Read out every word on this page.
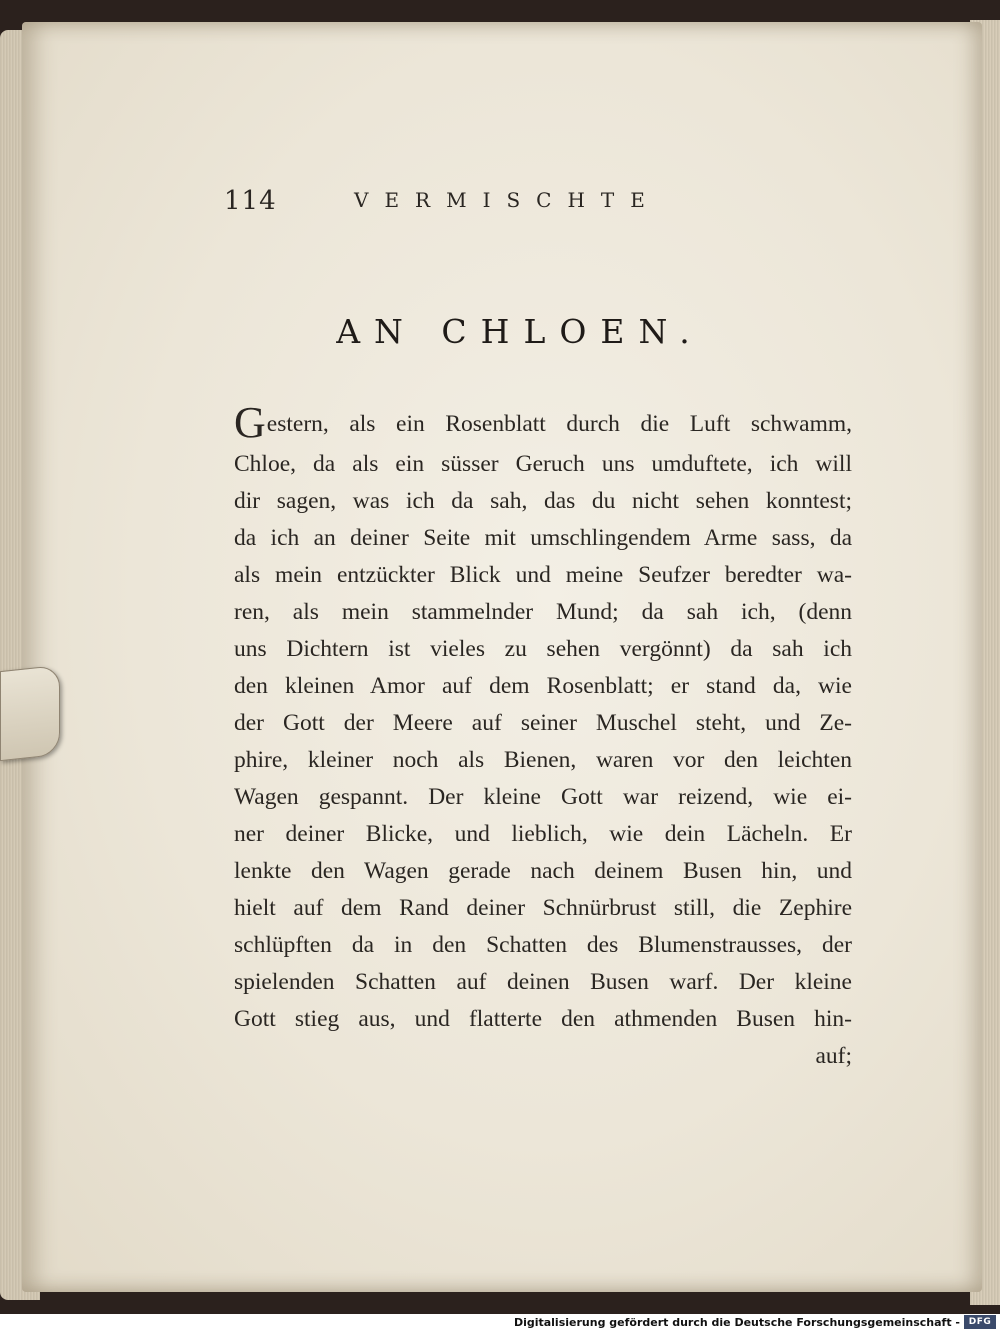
114	VERMISCHTE
AN CHLOEN.
Gestern, als ein Rosenblatt durch die Luft schwamm,
Chloe, da als ein süsser Geruch uns umduftete, ich will
dir sagen, was ich da sah, das du nicht sehen konntest;
da ich an deiner Seite mit umschlingendem Arme sass, da
als mein entzückter Blick und meine Seufzer beredter wa-
ren, als mein stammelnder Mund; da sah ich, (denn
uns Dichtern ist vieles zu sehen vergönnt) da sah ich
den kleinen Amor auf dem Rosenblatt; er stand da, wie
der Gott der Meere auf seiner Muschel steht, und Ze-
phire, kleiner noch als Bienen, waren vor den leichten
Wagen gespannt. Der kleine Gott war reizend, wie ei-
ner deiner Blicke, und lieblich, wie dein Lächeln. Er
lenkte den Wagen gerade nach deinem Busen hin, und
hielt auf dem Rand deiner Schnürbrust still, die Zephire
schlüpften da in den Schatten des Blumenstrausses, der
spielenden Schatten auf deinen Busen warf. Der kleine
Gott stieg aus, und flatterte den athmenden Busen hin-
auf;
Digitalisierung gefördert durch die Deutsche Forschungsgemeinschaft - DFG
